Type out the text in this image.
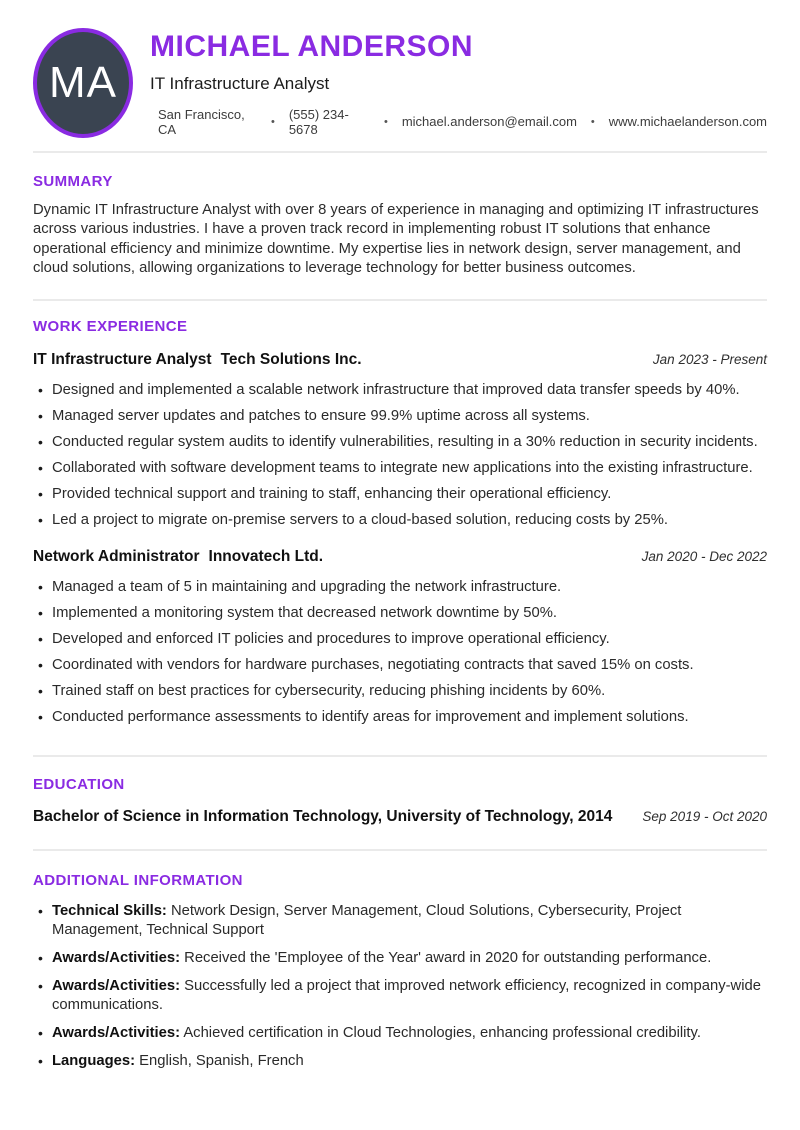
MA
MICHAEL ANDERSON
IT Infrastructure Analyst
San Francisco, CA	• (555) 234-5678	• michael.anderson@email.com • www.michaelanderson.com
SUMMARY

Dynamic IT Infrastructure Analyst with over 8 years of experience in managing and optimizing IT infrastructures across various industries. I have a proven track record in implementing robust IT solutions that enhance operational efficiency and minimize downtime. My expertise lies in network design, server management, and cloud solutions, allowing organizations to leverage technology for better business outcomes.

WORK EXPERIENCE
IT Infrastructure Analyst Tech Solutions Inc.	Jan 2023 - Present
• Designed and implemented a scalable network infrastructure that improved data transfer speeds by 40%.
• Managed server updates and patches to ensure 99.9% uptime across all systems.
• Conducted regular system audits to identify vulnerabilities, resulting in a 30% reduction in security incidents.
• Collaborated with software development teams to integrate new applications into the existing infrastructure.
• Provided technical support and training to staff, enhancing their operational efficiency.
• Led a project to migrate on-premise servers to a cloud-based solution, reducing costs by 25%.
Network Administrator Innovatech Ltd.	Jan 2020 - Dec 2022
• Managed a team of 5 in maintaining and upgrading the network infrastructure.
• Implemented a monitoring system that decreased network downtime by 50%.
• Developed and enforced IT policies and procedures to improve operational efficiency.
• Coordinated with vendors for hardware purchases, negotiating contracts that saved 15% on costs.
• Trained staff on best practices for cybersecurity, reducing phishing incidents by 60%.
• Conducted performance assessments to identify areas for improvement and implement solutions.
EDUCATION
Bachelor of Science in Information Technology, University of Technology, 2014 Sep 2019 - Oct 2020
ADDITIONAL INFORMATION
• Technical Skills: Network Design, Server Management, Cloud Solutions, Cybersecurity, Project Management, Technical Support
• Awards/Activities: Received the 'Employee of the Year' award in 2020 for outstanding performance.
• Awards/Activities: Successfully led a project that improved network efficiency, recognized in company-wide communications.
• Awards/Activities: Achieved certification in Cloud Technologies, enhancing professional credibility.
• Languages: English, Spanish, French
